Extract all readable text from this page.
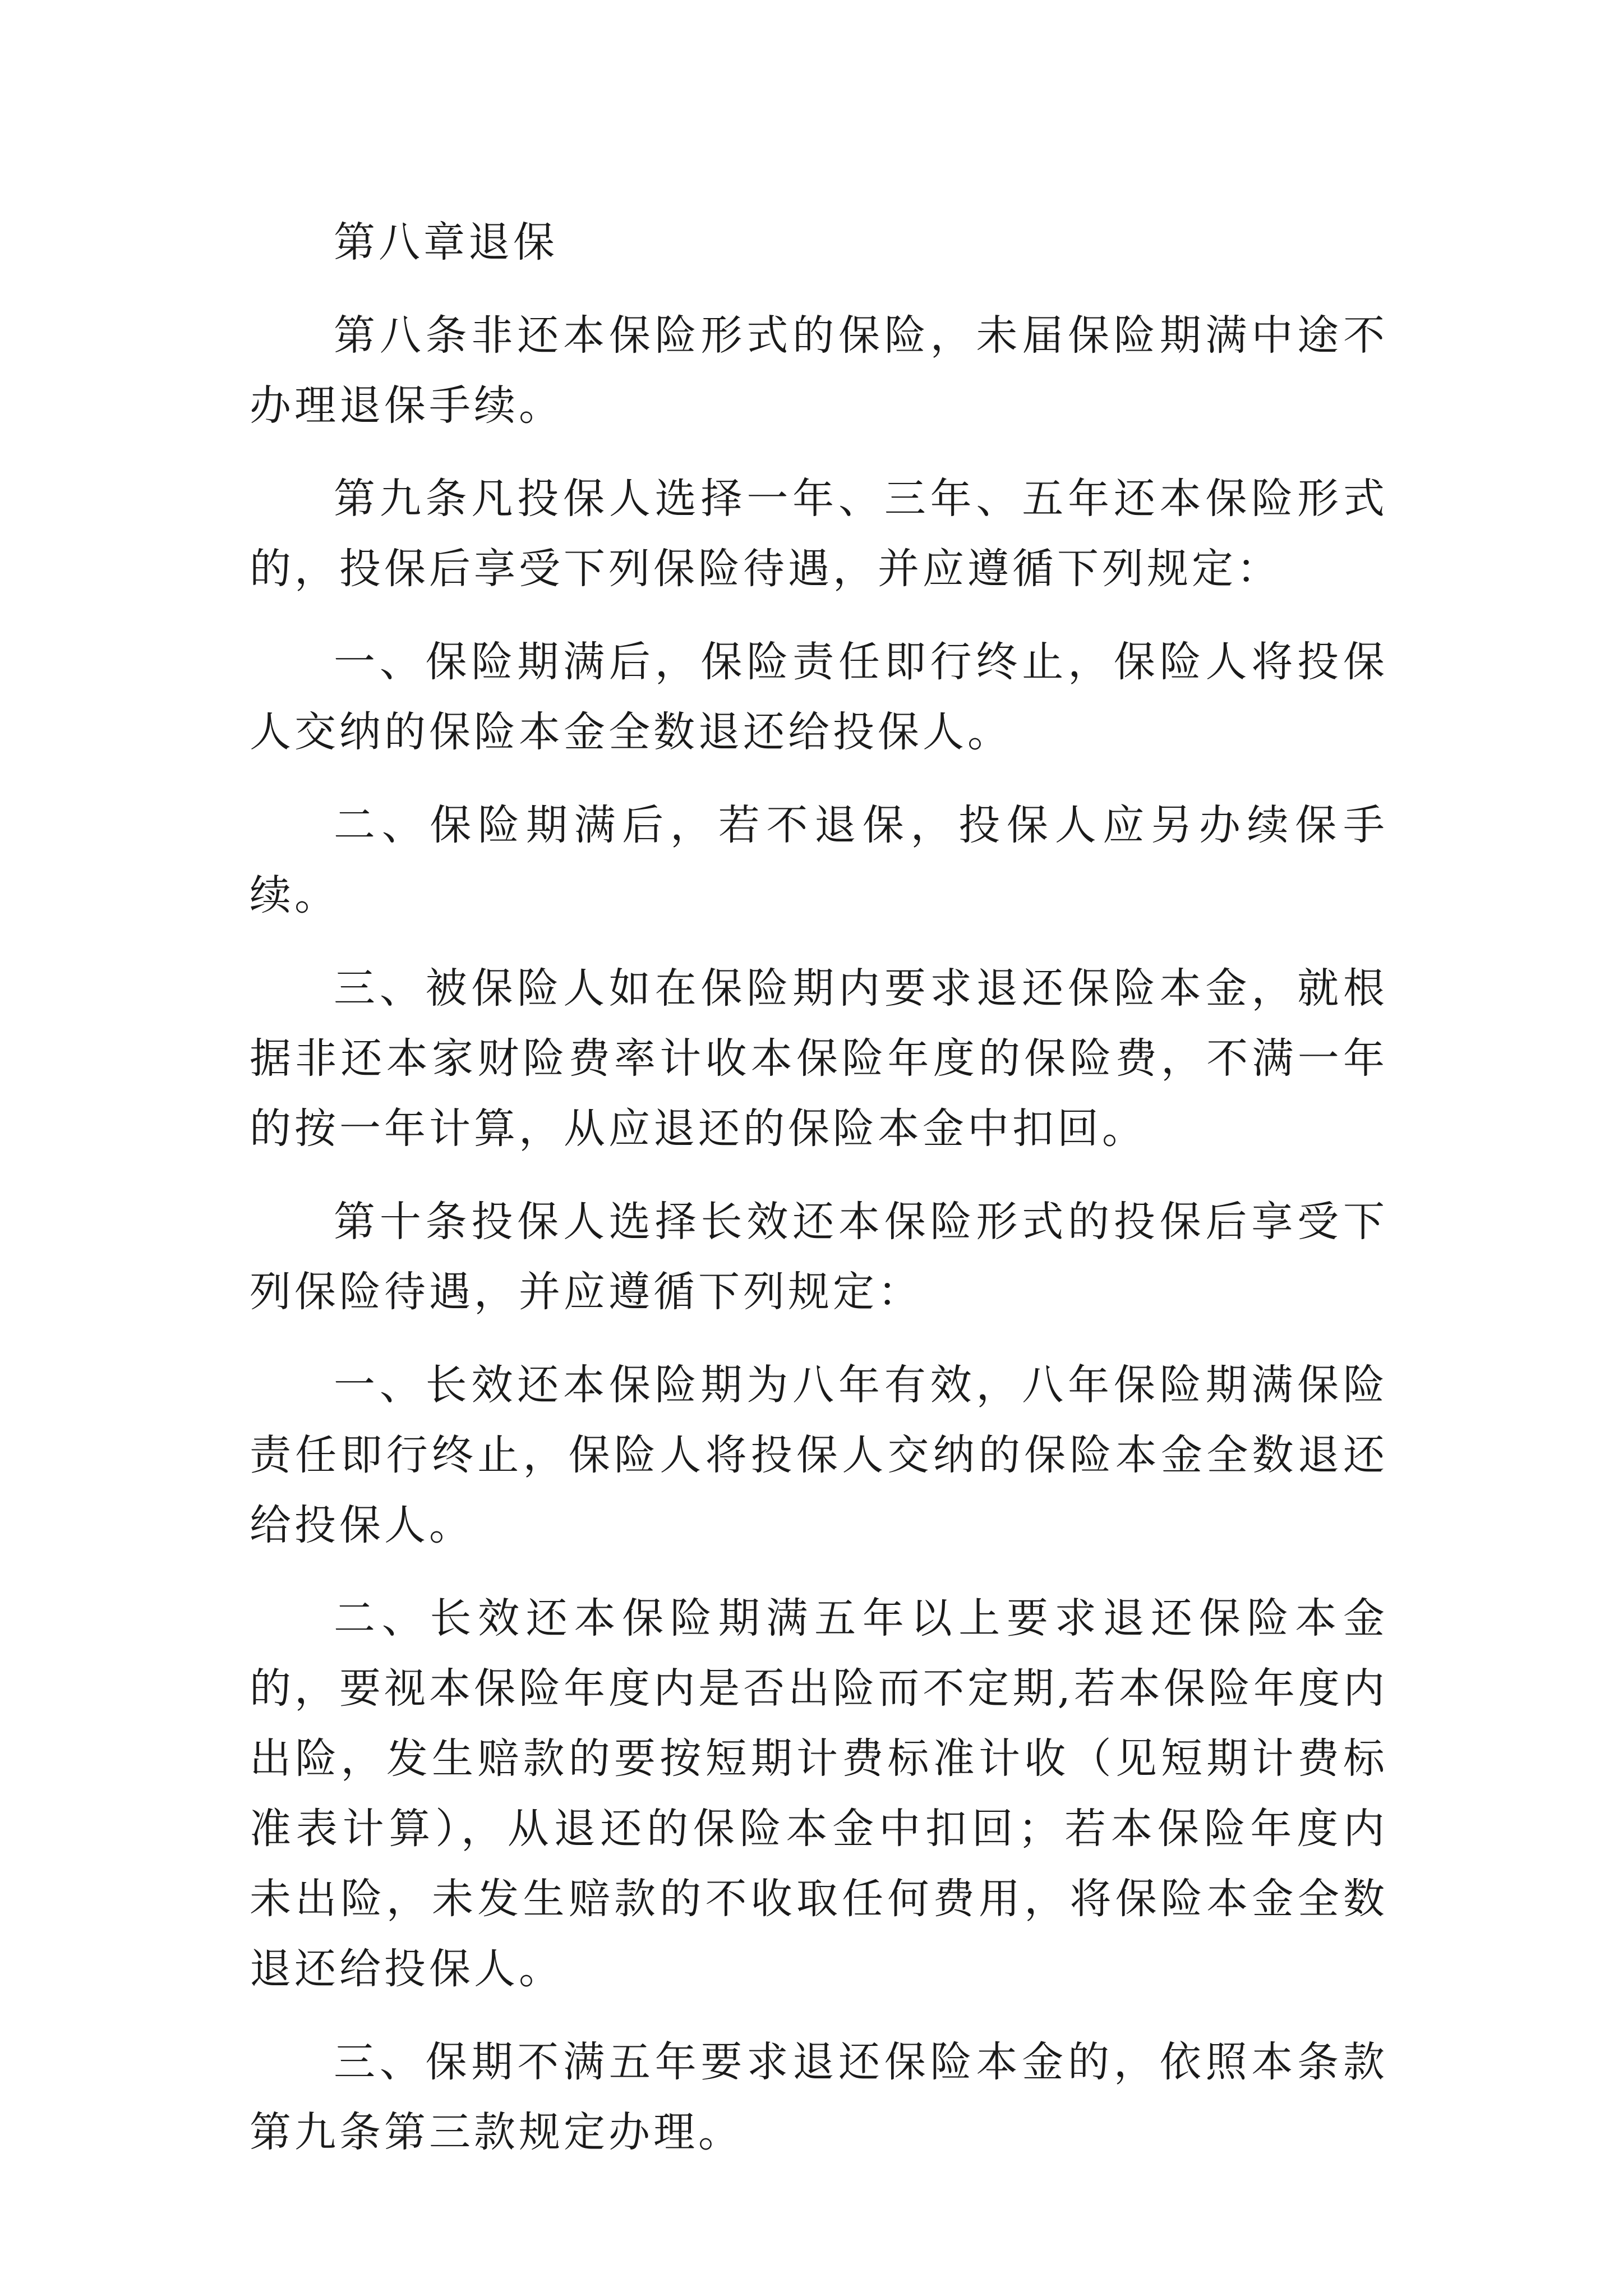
第八章退保

第八条非还本保险形式的保险，未届保险期满中途不办理退保手续。

第九条凡投保人选择一年、三年、五年还本保险形式的，投保后享受下列保险待遇，并应遵循下列规定：

一、保险期满后，保险责任即行终止，保险人将投保人交纳的保险本金全数退还给投保人。

二、保险期满后，若不退保，投保人应另办续保手续。

三、被保险人如在保险期内要求退还保险本金，就根据非还本家财险费率计收本保险年度的保险费，不满一年的按一年计算，从应退还的保险本金中扣回。

第十条投保人选择长效还本保险形式的投保后享受下列保险待遇，并应遵循下列规定：

一、长效还本保险期为八年有效，八年保险期满保险责任即行终止，保险人将投保人交纳的保险本金全数退还给投保人。

二、长效还本保险期满五年以上要求退还保险本金的，要视本保险年度内是否出险而不定期,若本保险年度内出险，发生赔款的要按短期计费标准计收（见短期计费标准表计算），从退还的保险本金中扣回；若本保险年度内未出险，未发生赔款的不收取任何费用，将保险本金全数退还给投保人。

三、保期不满五年要求退还保险本金的，依照本条款第九条第三款规定办理。
